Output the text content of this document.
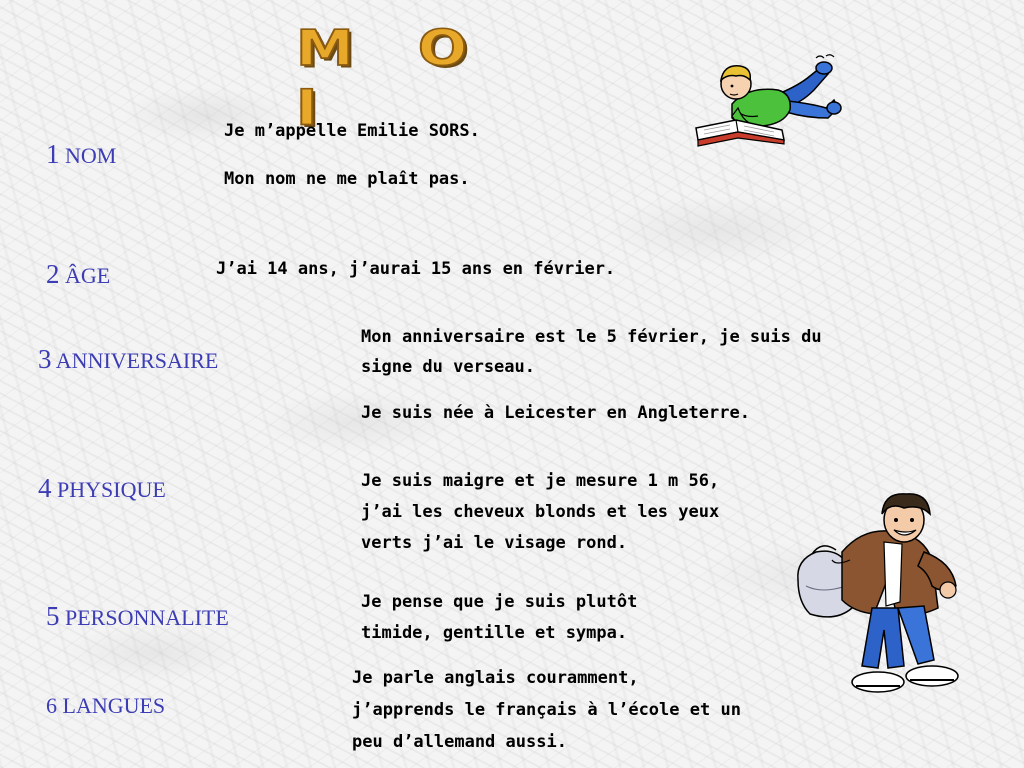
M O I

1 NOM

Je m’appelle Emilie SORS.

Mon nom ne me plaît pas.

2 ÂGE	J’ai 14 ans, j’aurai 15 ans en février.

3 ANNIVERSAIRE

Mon anniversaire est le 5 février, je suis du

signe du verseau.

Je suis née à Leicester en Angleterre.

4 PHYSIQUE	Je suis maigre et je mesure 1 m 56,

j’ai les cheveux blonds et les yeux

verts j’ai le visage rond.

5 PERSONNALITE

Je pense que je suis plutôt

timide, gentille et sympa.

6 LANGUES

Je parle anglais couramment,

j’apprends le français à l’école et un

peu d’allemand aussi.
